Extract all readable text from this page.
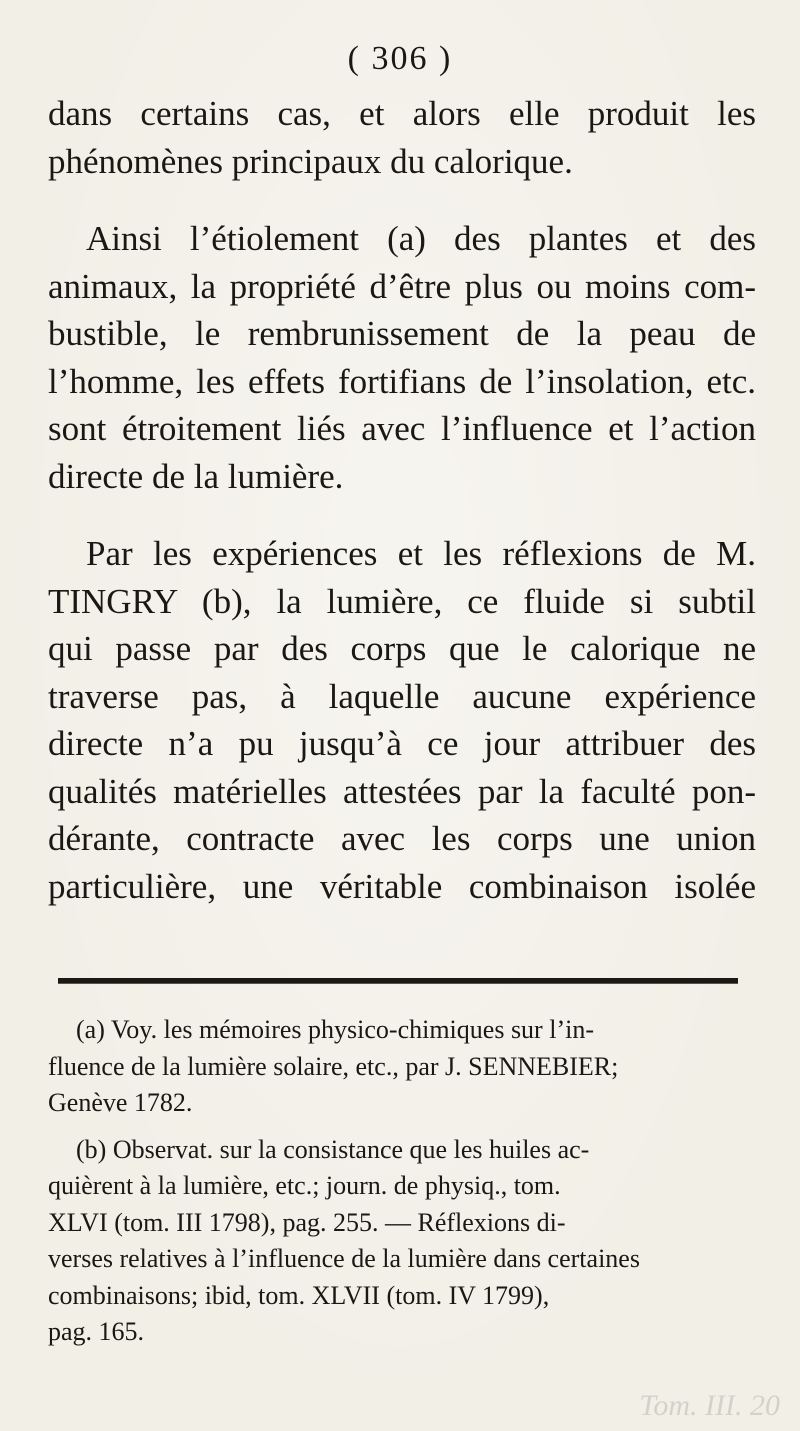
( 306 )
dans certains cas, et alors elle produit les
phénomènes principaux du calorique.
Ainsi l’étiolement (a) des plantes et des
animaux, la propriété d’être plus ou moins com-
bustible, le rembrunissement de la peau de
l’homme, les effets fortifians de l’insolation, etc.
sont étroitement liés avec l’influence et l’action
directe de la lumière.
Par les expériences et les réflexions de M.
TINGRY (b), la lumière, ce fluide si subtil
qui passe par des corps que le calorique ne
traverse pas, à laquelle aucune expérience
directe n’a pu jusqu’à ce jour attribuer des
qualités matérielles attestées par la faculté pon-
dérante, contracte avec les corps une union
particulière, une véritable combinaison isolée
(a) Voy. les mémoires physico-chimiques sur l’in-
fluence de la lumière solaire, etc., par J. SENNEBIER;
Genève 1782.
(b) Observat. sur la consistance que les huiles ac-
quièrent à la lumière, etc.; journ. de physiq., tom.
XLVI (tom. III 1798), pag. 255. — Réflexions di-
verses relatives à l’influence de la lumière dans certaines
combinaisons; ibid, tom. XLVII (tom. IV 1799),
pag. 165.
Tom. III. 20
